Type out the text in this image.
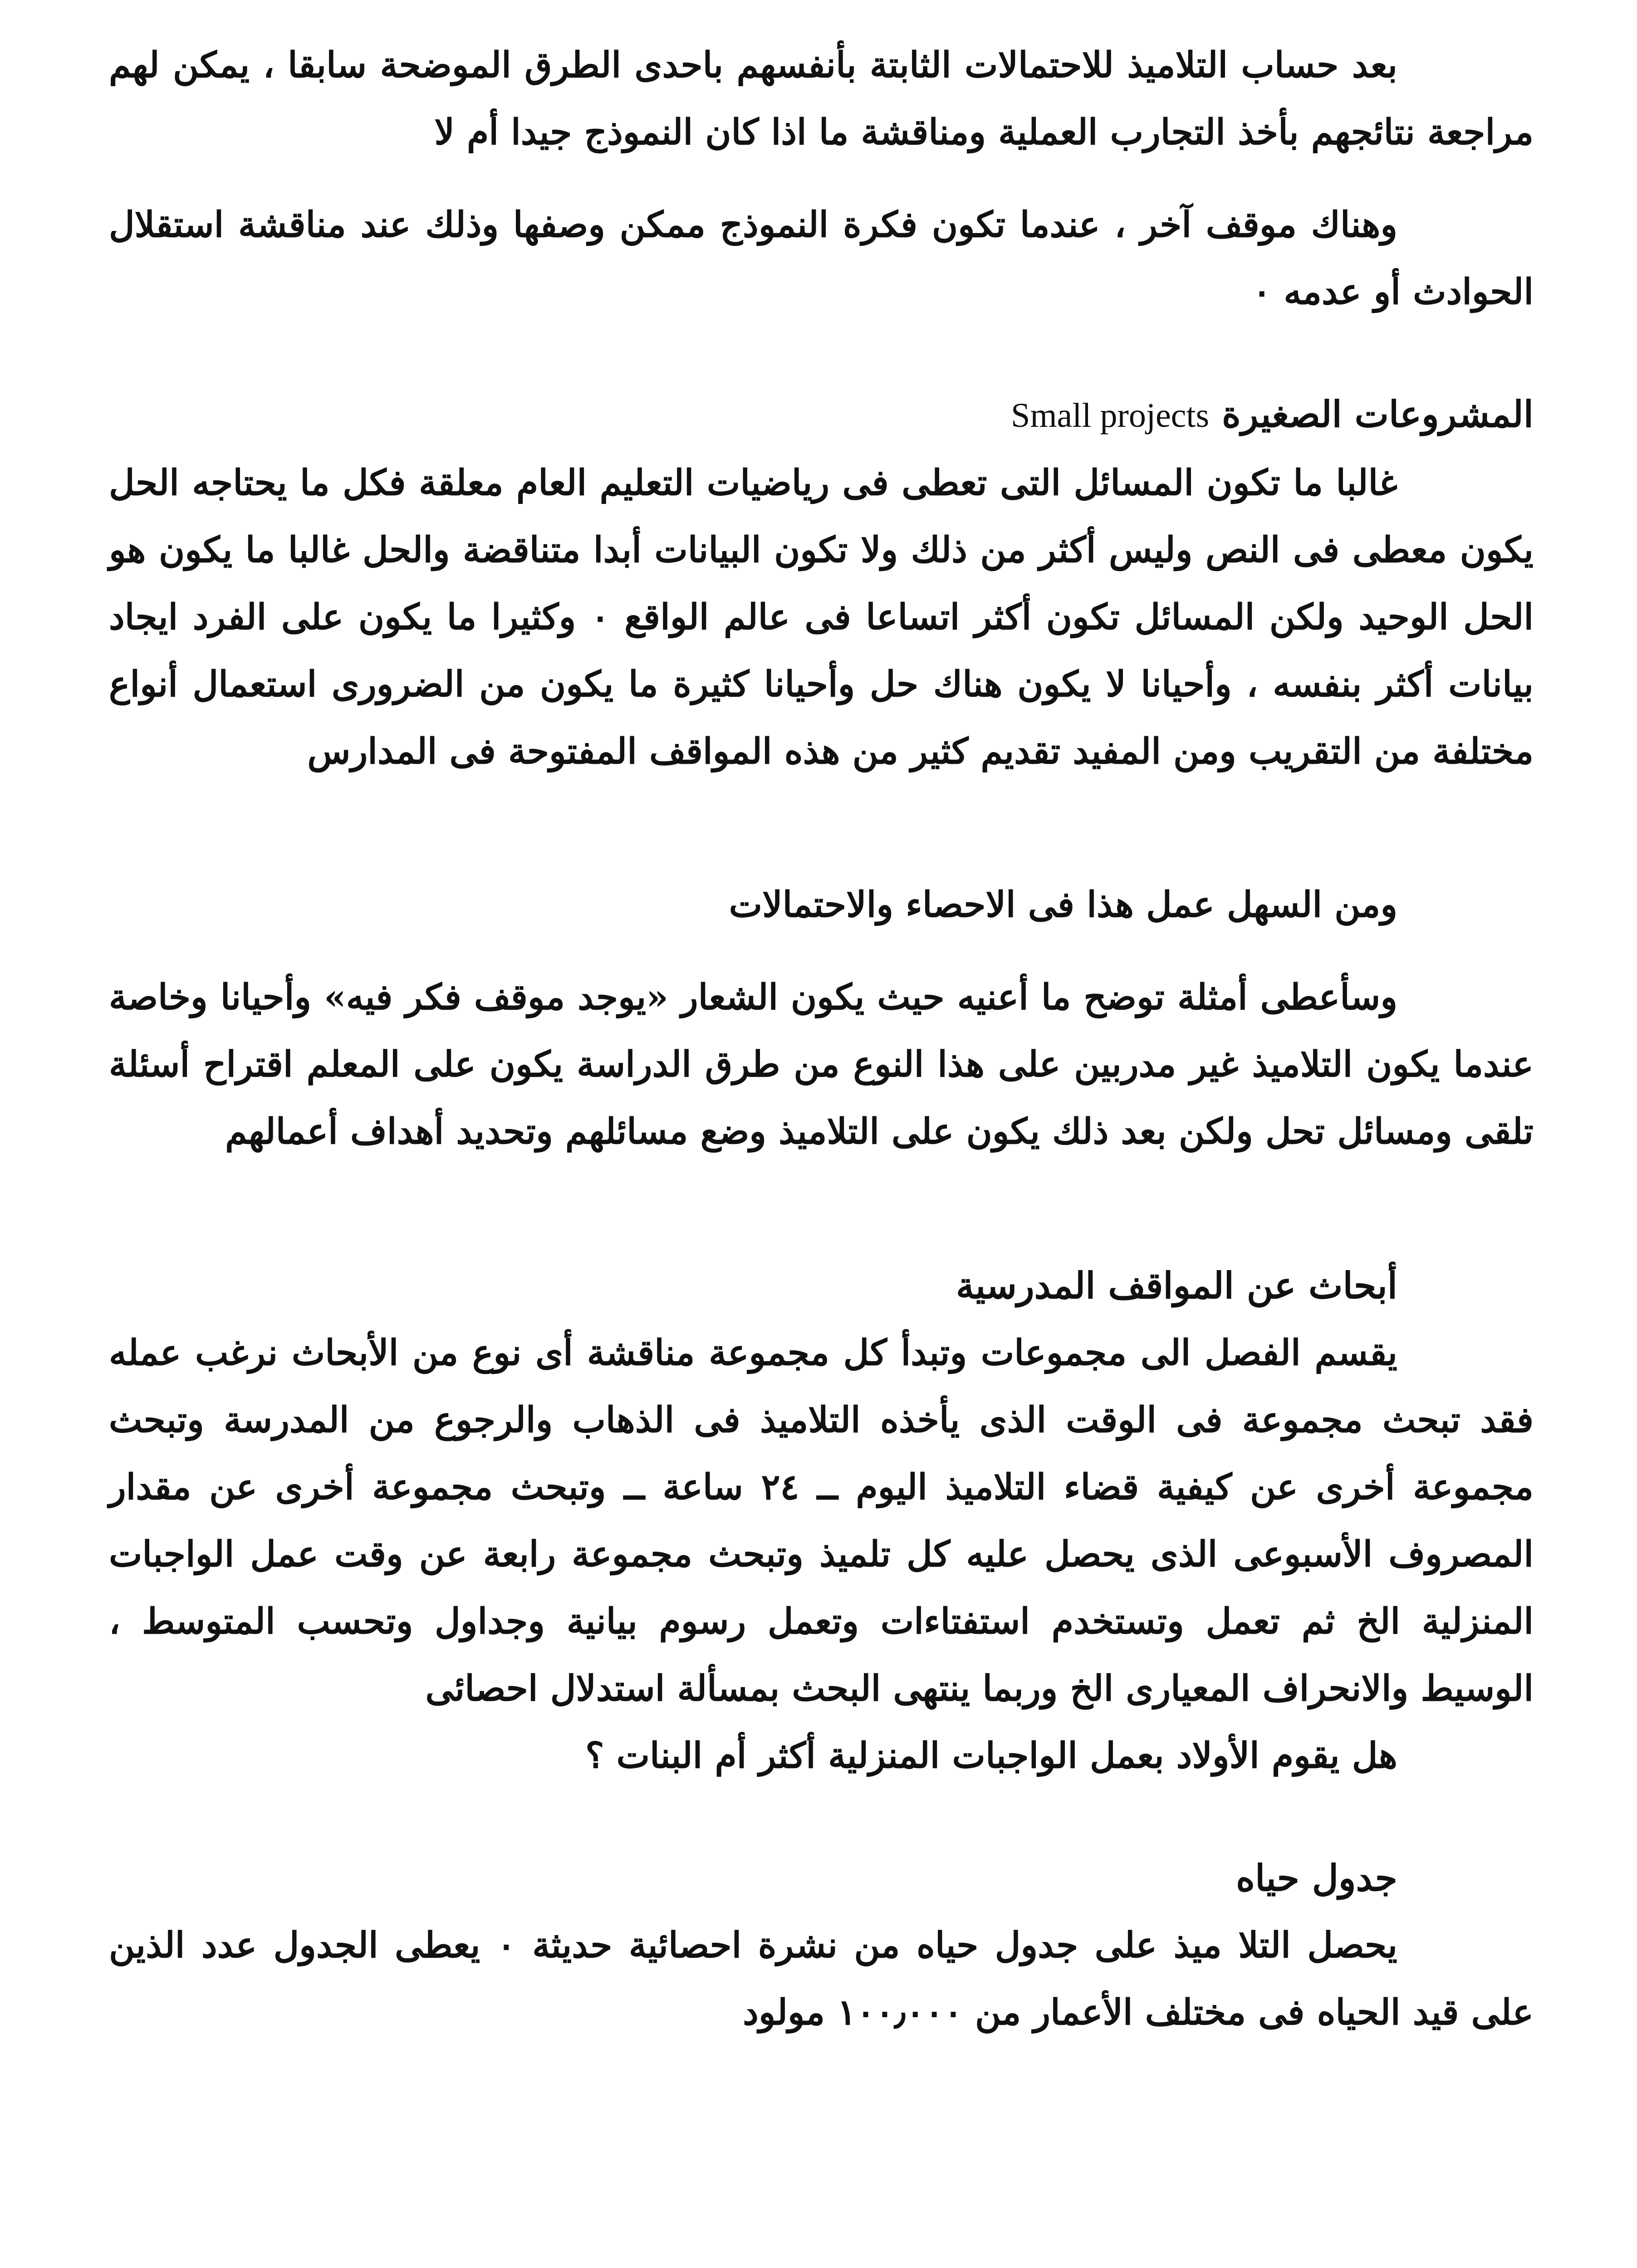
بعد حساب التلاميذ للاحتمالات الثابتة بأنفسهم باحدى الطرق الموضحة سابقا ، يمكن لهم مراجعة نتائجهم بأخذ التجارب العملية ومناقشة ما اذا كان النموذج جيدا أم لا

وهناك موقف آخر ، عندما تكون فكرة النموذج ممكن وصفها وذلك عند مناقشة استقلال الحوادث أو عدمه ٠

المشروعات الصغيرة Small projects

غالبا ما تكون المسائل التى تعطى فى رياضيات التعليم العام معلقة فكل ما يحتاجه الحل يكون معطى فى النص وليس أكثر من ذلك ولا تكون البيانات أبدا متناقضة والحل غالبا ما يكون هو الحل الوحيد ولكن المسائل تكون أكثر اتساعا فى عالم الواقع ٠ وكثيرا ما يكون على الفرد ايجاد بيانات أكثر بنفسه ، وأحيانا لا يكون هناك حل وأحيانا كثيرة ما يكون من الضرورى استعمال أنواع مختلفة من التقريب ومن المفيد تقديم كثير من هذه المواقف المفتوحة فى المدارس

ومن السهل عمل هذا فى الاحصاء والاحتمالات

وسأعطى أمثلة توضح ما أعنيه حيث يكون الشعار «يوجد موقف فكر فيه» وأحيانا وخاصة عندما يكون التلاميذ غير مدربين على هذا النوع من طرق الدراسة يكون على المعلم اقتراح أسئلة تلقى ومسائل تحل ولكن بعد ذلك يكون على التلاميذ وضع مسائلهم وتحديد أهداف أعمالهم

أبحاث عن المواقف المدرسية

يقسم الفصل الى مجموعات وتبدأ كل مجموعة مناقشة أى نوع من الأبحاث نرغب عمله فقد تبحث مجموعة فى الوقت الذى يأخذه التلاميذ فى الذهاب والرجوع من المدرسة وتبحث مجموعة أخرى عن كيفية قضاء التلاميذ اليوم ــ ٢٤ ساعة ــ وتبحث مجموعة أخرى عن مقدار المصروف الأسبوعى الذى يحصل عليه كل تلميذ وتبحث مجموعة رابعة عن وقت عمل الواجبات المنزلية الخ ثم تعمل وتستخدم استفتاءات وتعمل رسوم بيانية وجداول وتحسب المتوسط ، الوسيط والانحراف المعيارى الخ وربما ينتهى البحث بمسألة استدلال احصائى

هل يقوم الأولاد بعمل الواجبات المنزلية أكثر أم البنات ؟

جدول حياه

يحصل التلا ميذ على جدول حياه من نشرة احصائية حديثة ٠ يعطى الجدول عدد الذين على قيد الحياه فى مختلف الأعمار من ١٠٠٫٠٠٠ مولود
